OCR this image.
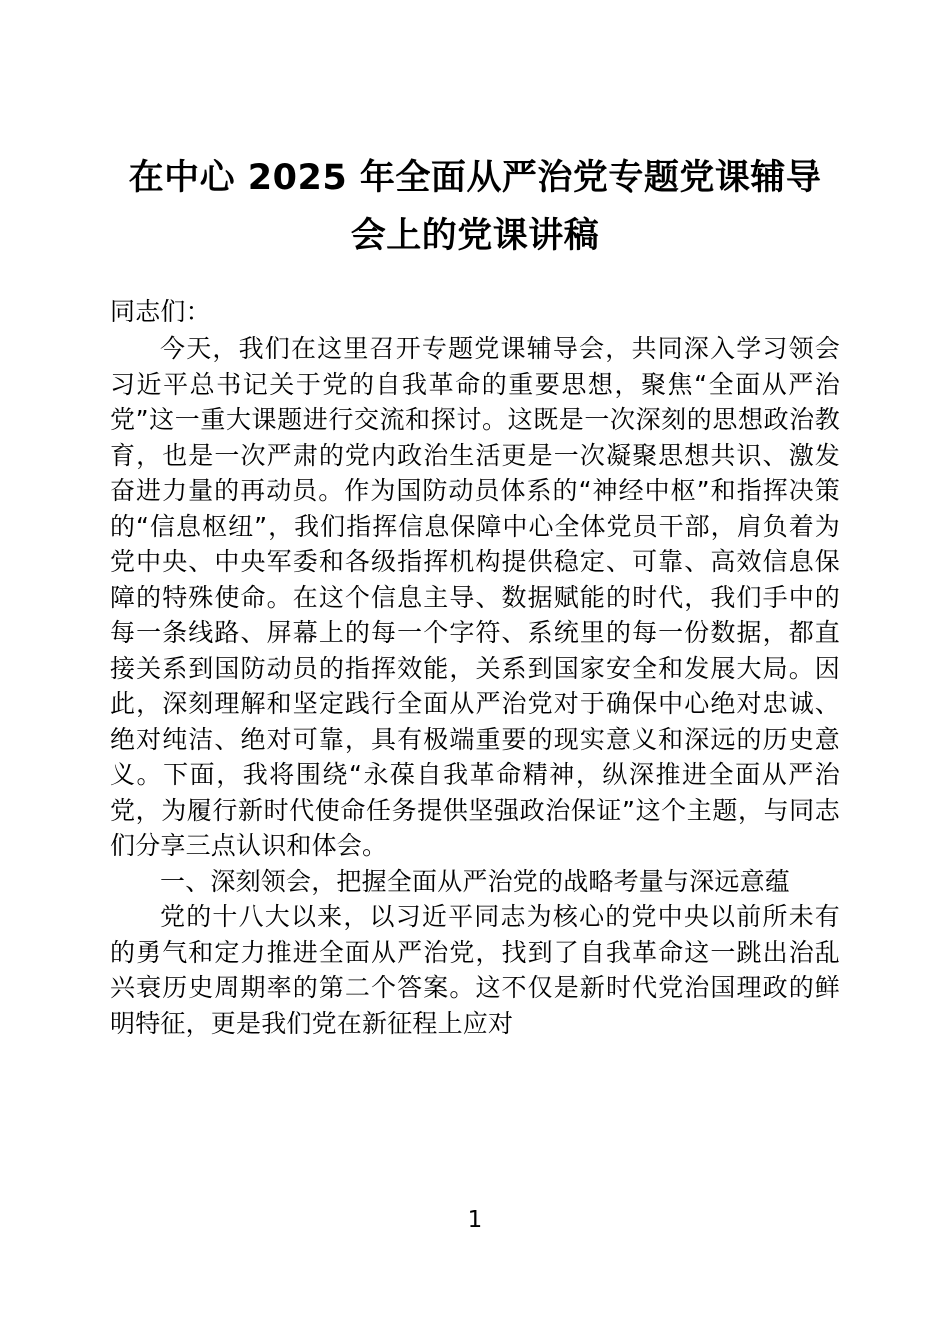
在中心 2025 年全面从严治党专题党课辅导会上的党课讲稿
同志们：

今天，我们在这里召开专题党课辅导会，共同深入学习领会习近平总书记关于党的自我革命的重要思想，聚焦“全面从严治党”这一重大课题进行交流和探讨。这既是一次深刻的思想政治教育，也是一次严肃的党内政治生活更是一次凝聚思想共识、激发奋进力量的再动员。作为国防动员体系的“神经中枢”和指挥决策的“信息枢纽”，我们指挥信息保障中心全体党员干部，肩负着为党中央、中央军委和各级指挥机构提供稳定、可靠、高效信息保障的特殊使命。在这个信息主导、数据赋能的时代，我们手中的每一条线路、屏幕上的每一个字符、系统里的每一份数据，都直接关系到国防动员的指挥效能，关系到国家安全和发展大局。因此，深刻理解和坚定践行全面从严治党对于确保中心绝对忠诚、绝对纯洁、绝对可靠，具有极端重要的现实意义和深远的历史意义。下面，我将围绕“永葆自我革命精神，纵深推进全面从严治党，为履行新时代使命任务提供坚强政治保证”这个主题，与同志们分享三点认识和体会。

一、深刻领会，把握全面从严治党的战略考量与深远意蕴

党的十八大以来，以习近平同志为核心的党中央以前所未有的勇气和定力推进全面从严治党，找到了自我革命这一跳出治乱兴衰历史周期率的第二个答案。这不仅是新时代党治国理政的鲜明特征，更是我们党在新征程上应对

1
